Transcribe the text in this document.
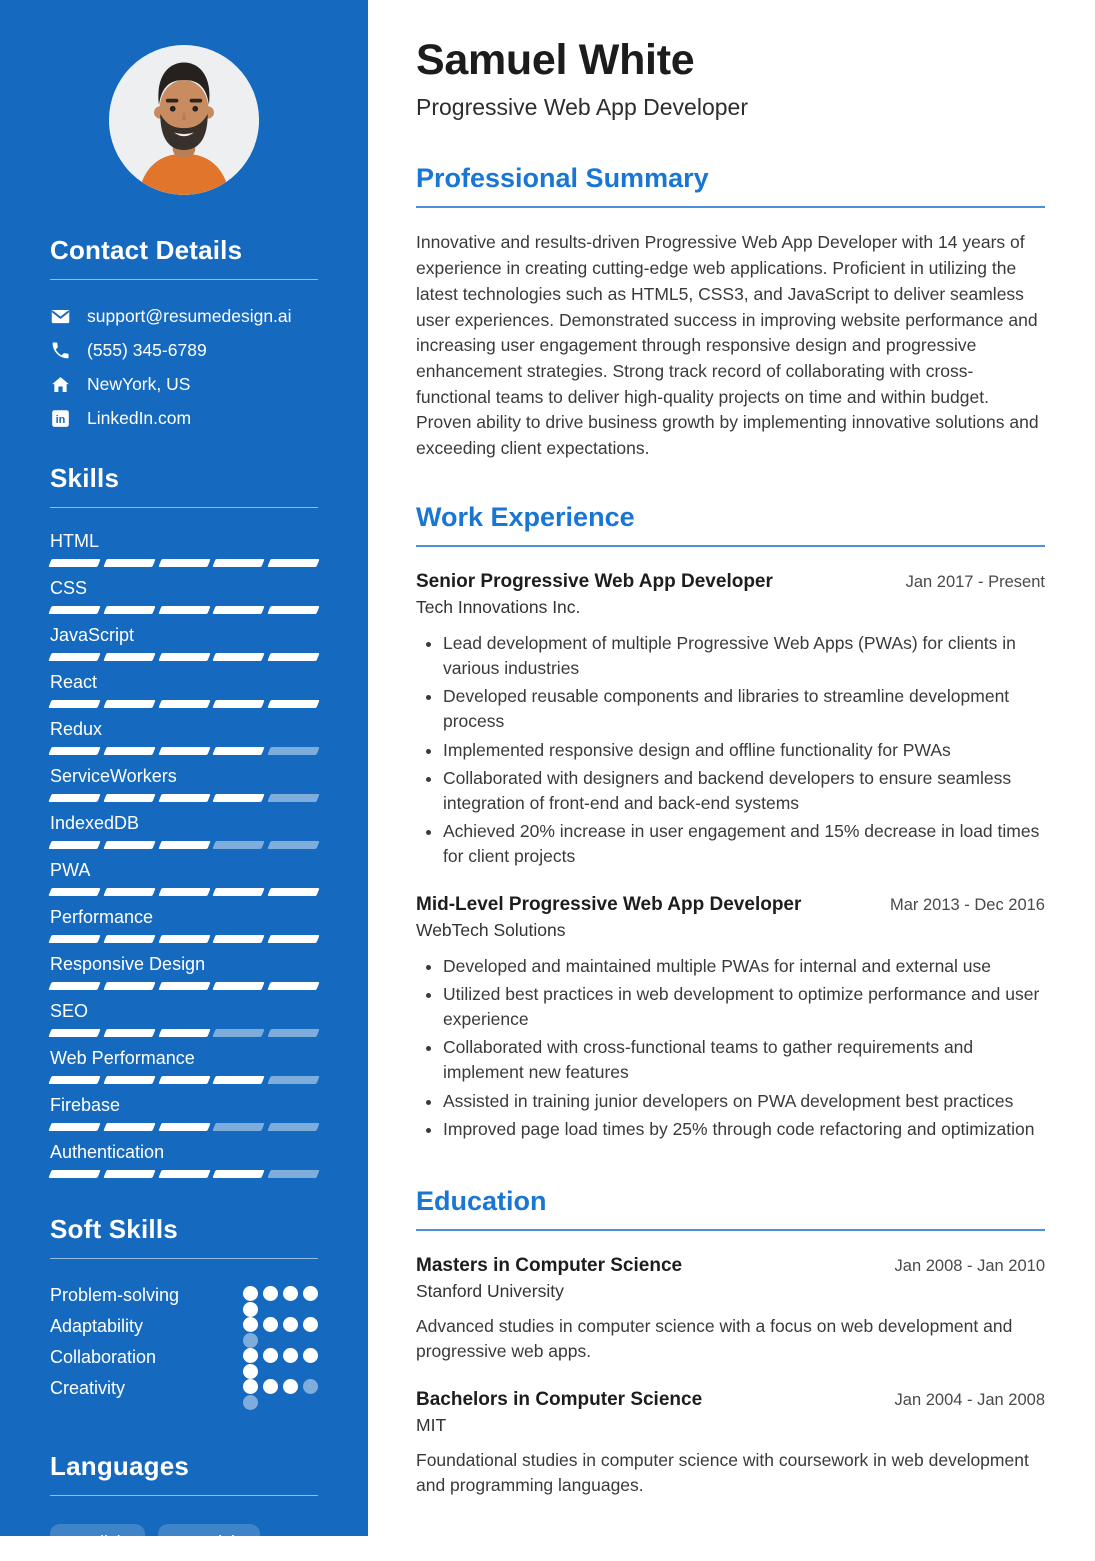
Contact Details
support@resumedesign.ai
(555) 345-6789
NewYork, US
in LinkedIn.com
Skills
HTML
CSS
JavaScript
React
Redux
ServiceWorkers
IndexedDB
PWA
Performance
Responsive Design
SEO
Web Performance
Firebase
Authentication
Soft Skills
Problem-solving
Adaptability
Collaboration
Creativity
Languages
English	Spanish
Samuel White
Progressive Web App Developer
Professional Summary

Innovative and results-driven Progressive Web App Developer with 14 years of experience in creating cutting-edge web applications. Proficient in utilizing the latest technologies such as HTML5, CSS3, and JavaScript to deliver seamless user experiences. Demonstrated success in improving website performance and increasing user engagement through responsive design and progressive enhancement strategies. Strong track record of collaborating with cross-functional teams to deliver high-quality projects on time and within budget. Proven ability to drive business growth by implementing innovative solutions and exceeding client expectations.

Work Experience
Senior Progressive Web App Developer	Jan 2017 - Present
Tech Innovations Inc.
• Lead development of multiple Progressive Web Apps (PWAs) for clients in various industries
• Developed reusable components and libraries to streamline development process
• Implemented responsive design and offline functionality for PWAs
• Collaborated with designers and backend developers to ensure seamless integration of front-end and back-end systems
• Achieved 20% increase in user engagement and 15% decrease in load times for client projects
Mid-Level Progressive Web App Developer	Mar 2013 - Dec 2016
WebTech Solutions
• Developed and maintained multiple PWAs for internal and external use
• Utilized best practices in web development to optimize performance and user experience
• Collaborated with cross-functional teams to gather requirements and implement new features
• Assisted in training junior developers on PWA development best practices
• Improved page load times by 25% through code refactoring and optimization
Education
Masters in Computer Science	Jan 2008 - Jan 2010
Stanford University

Advanced studies in computer science with a focus on web development and progressive web apps.

Bachelors in Computer Science	Jan 2004 - Jan 2008
MIT

Foundational studies in computer science with coursework in web development and programming languages.
